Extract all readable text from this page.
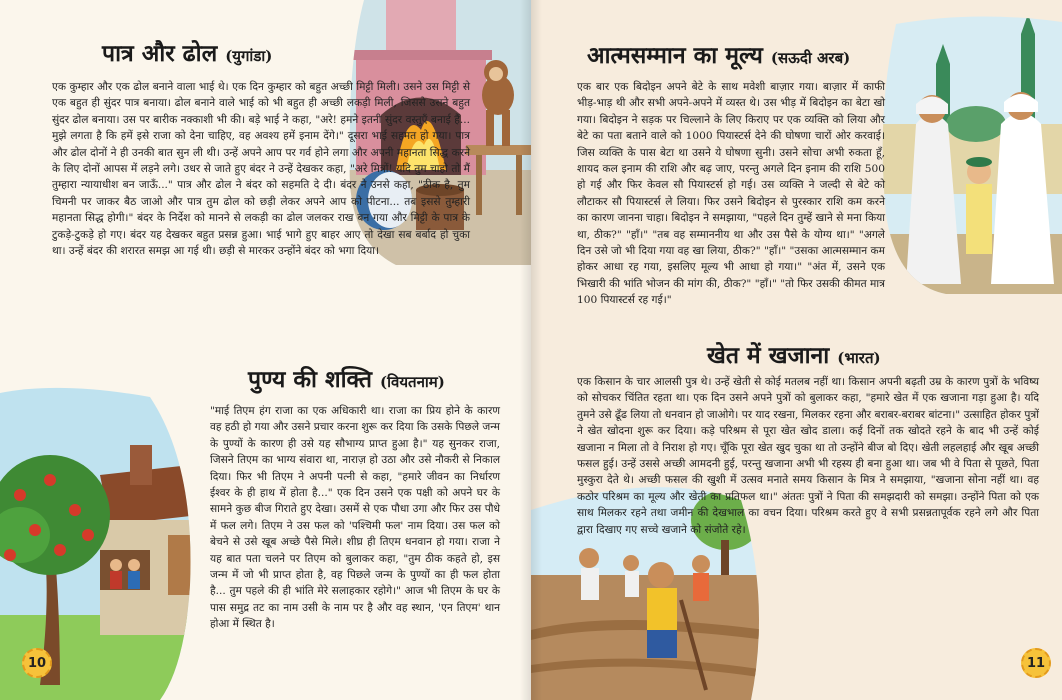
पात्र और ढोल (युगांडा)
एक कुम्हार और एक ढोल बनाने वाला भाई थे। एक दिन कुम्हार को बहुत अच्छी मिट्टी मिली। उसने उस मिट्टी से एक बहुत ही सुंदर पात्र बनाया। ढोल बनाने वाले भाई को भी बहुत ही अच्छी लकड़ी मिली, जिससे उसने बहुत सुंदर ढोल बनाया। उस पर बारीक नक्काशी भी की। बड़े भाई ने कहा, "अरे! हमने इतनी सुंदर वस्तुएँ बनाई हैं... मुझे लगता है कि हमें इसे राजा को देना चाहिए, वह अवश्य हमें इनाम देंगे।" दूसरा भाई सहमत हो गया। पात्र और ढोल दोनों ने ही उनकी बात सुन ली थी। उन्हें अपने आप पर गर्व होने लगा और अपनी महानता सिद्ध करने के लिए दोनों आपस में लड़ने लगे। उधर से जाते हुए बंदर ने उन्हें देखकर कहा, "अरे मित्रों! यदि तुम चाहो तो मैं तुम्हारा न्यायाधीश बन जाऊँ..." पात्र और ढोल ने बंदर को सहमति दे दी। बंदर ने उनसे कहा, "ठीक है, तुम चिमनी पर जाकर बैठ जाओ और पात्र तुम ढोल को छड़ी लेकर अपने आप को पीटना... तब इससे तुम्हारी महानता सिद्ध होगी।" बंदर के निर्देश को मानने से लकड़ी का ढोल जलकर राख बन गया और मिट्टी के पात्र के टुकड़े-टुकड़े हो गए। बंदर यह देखकर बहुत प्रसन्न हुआ। भाई भागे हुए बाहर आए तो देखा सब बर्बाद हो चुका था। उन्हें बंदर की शरारत समझ आ गई थी। छड़ी से मारकर उन्होंने बंदर को भगा दिया।
पुण्य की शक्ति (वियतनाम)
"माई तिएम हंग राजा का एक अधिकारी था। राजा का प्रिय होने के कारण वह हठी हो गया और उसने प्रचार करना शुरू कर दिया कि उसके पिछले जन्म के पुण्यों के कारण ही उसे यह सौभाग्य प्राप्त हुआ है।" यह सुनकर राजा, जिसने तिएम का भाग्य संवारा था, नाराज़ हो उठा और उसे नौकरी से निकाल दिया। फिर भी तिएम ने अपनी पत्नी से कहा, "हमारे जीवन का निर्धारण ईश्वर के ही हाथ में होता है..." एक दिन उसने एक पक्षी को अपने घर के सामने कुछ बीज गिराते हुए देखा। उसमें से एक पौधा उगा और फिर उस पौधे में फल लगे। तिएम ने उस फल को 'पश्चिमी फल' नाम दिया। उस फल को बेचने से उसे खूब अच्छे पैसे मिले। शीघ्र ही तिएम धनवान हो गया। राजा ने यह बात पता चलने पर तिएम को बुलाकर कहा, "तुम ठीक कहते हो, इस जन्म में जो भी प्राप्त होता है, वह पिछले जन्म के पुण्यों का ही फल होता है... तुम पहले की ही भांति मेरे सलाहकार रहोगे।" आज भी तिएम के घर के पास समुद्र तट का नाम उसी के नाम पर है और वह स्थान, 'एन तिएम' थान होआ में स्थित है।
10
आत्मसम्मान का मूल्य (सऊदी अरब)
एक बार एक बिदोइन अपने बेटे के साथ मवेशी बाज़ार गया। बाज़ार में काफी भीड़-भाड़ थी और सभी अपने-अपने में व्यस्त थे। उस भीड़ में बिदोइन का बेटा खो गया। बिदोइन ने सड़क पर चिल्लाने के लिए किराए पर एक व्यक्ति को लिया और बेटे का पता बताने वाले को 1000 पियास्टर्स देने की घोषणा चारों ओर करवाई। जिस व्यक्ति के पास बेटा था उसने ये घोषणा सुनी। उसने सोचा अभी रुकता हूँ, शायद कल इनाम की राशि और बढ़ जाए, परन्तु अगले दिन इनाम की राशि 500 हो गई और फिर केवल सौ पियास्टर्स हो गई। उस व्यक्ति ने जल्दी से बेटे को लौटाकर सौ पियास्टर्स ले लिया। फिर उसने बिदोइन से पुरस्कार राशि कम करने का कारण जानना चाहा। बिदोइन ने समझाया, "पहले दिन तुम्हें खाने से मना किया था, ठीक?" "हाँ।" "तब वह सम्माननीय था और उस पैसे के योग्य था।" "अगले दिन उसे जो भी दिया गया वह खा लिया, ठीक?" "हाँ।" "उसका आत्मसम्मान कम होकर आधा रह गया, इसलिए मूल्य भी आधा हो गया।" "अंत में, उसने एक भिखारी की भांति भोजन की मांग की, ठीक?" "हाँ।" "तो फिर उसकी कीमत मात्र 100 पियास्टर्स रह गई।"
खेत में खजाना (भारत)
एक किसान के चार आलसी पुत्र थे। उन्हें खेती से कोई मतलब नहीं था। किसान अपनी बढ़ती उम्र के कारण पुत्रों के भविष्य को सोचकर चिंतित रहता था। एक दिन उसने अपने पुत्रों को बुलाकर कहा, "हमारे खेत में एक खजाना गड़ा हुआ है। यदि तुमने उसे ढूँढ लिया तो धनवान हो जाओगे। पर याद रखना, मिलकर रहना और बराबर-बराबर बांटना।" उत्साहित होकर पुत्रों ने खेत खोदना शुरू कर दिया। कड़े परिश्रम से पूरा खेत खोद डाला। कई दिनों तक खोदते रहने के बाद भी उन्हें कोई खजाना न मिला तो वे निराश हो गए। चूँकि पूरा खेत खुद चुका था तो उन्होंने बीज बो दिए। खेती लहलहाई और खूब अच्छी फसल हुई। उन्हें उससे अच्छी आमदनी हुई, परन्तु खजाना अभी भी रहस्य ही बना हुआ था। जब भी वे पिता से पूछते, पिता मुस्कुरा देते थे। अच्छी फसल की खुशी में उत्सव मनाते समय किसान के मित्र ने समझाया, "खजाना सोना नहीं था। वह कठोर परिश्रम का मूल्य और खेती का प्रतिफल था।" अंततः पुत्रों ने पिता की समझदारी को समझा। उन्होंने पिता को एक साथ मिलकर रहने तथा जमीन की देखभाल का वचन दिया। परिश्रम करते हुए वे सभी प्रसन्नतापूर्वक रहने लगे और पिता द्वारा दिखाए गए सच्चे खजाने को संजोते रहे।
11
